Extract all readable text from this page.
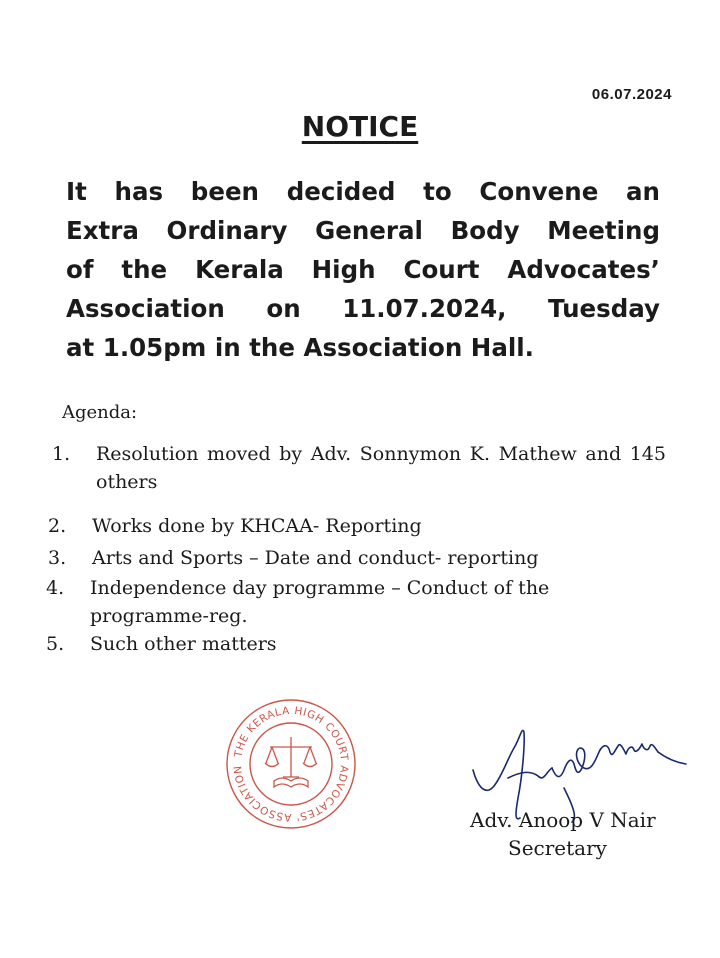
06.07.2024
NOTICE
It has been decided to Convene an
Extra Ordinary General Body Meeting
of the Kerala High Court Advocates’
Association on 11.07.2024, Tuesday
at 1.05pm in the Association Hall.
Agenda:
1. Resolution moved by Adv. Sonnymon K. Mathew and 145 others
2. Works done by KHCAA- Reporting
3. Arts and Sports – Date and conduct- reporting
4. Independence day programme – Conduct of the programme-reg.
5. Such other matters
THE KERALA HIGH COURT ADVOCATES' ASSOCIATION
Adv. Anoop V Nair
Secretary
